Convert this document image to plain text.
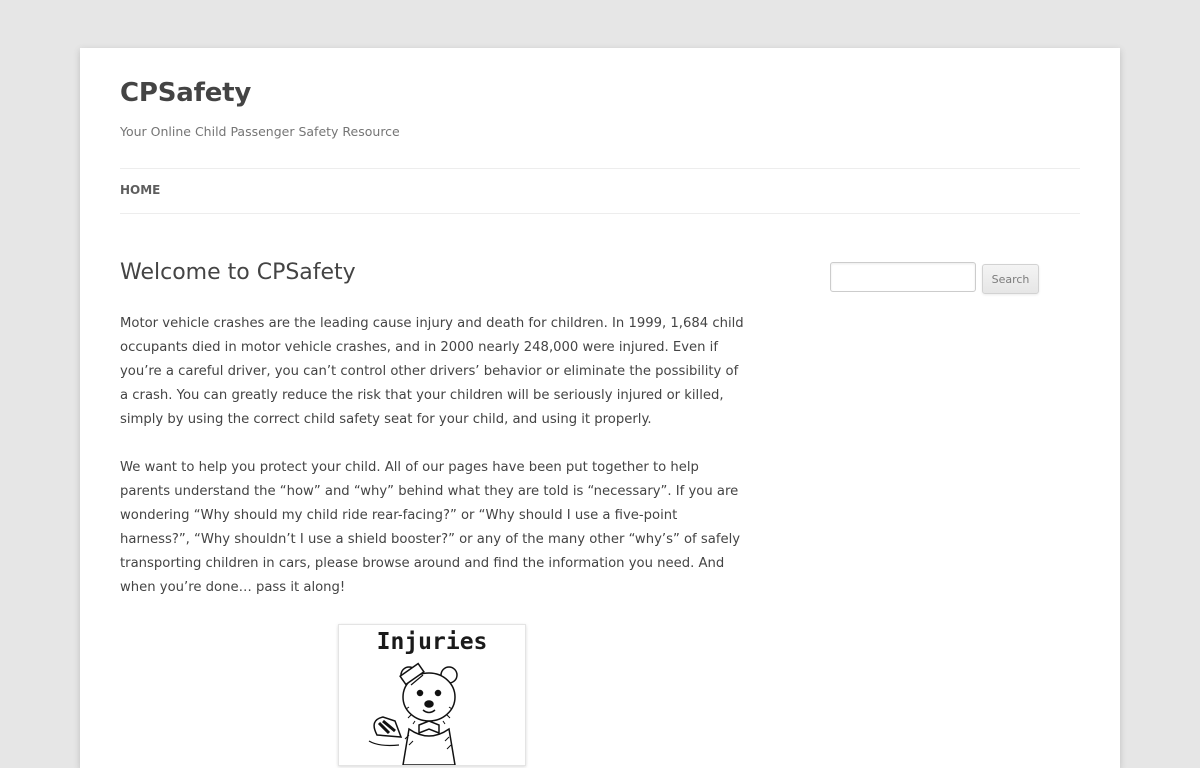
CPSafety

Your Online Child Passenger Safety Resource

HOME
Welcome to CPSafety

Motor vehicle crashes are the leading cause injury and death for children. In 1999, 1,684 child occupants died in motor vehicle crashes, and in 2000 nearly 248,000 were injured. Even if you’re a careful driver, you can’t control other drivers’ behavior or eliminate the possibility of a crash. You can greatly reduce the risk that your children will be seriously injured or killed, simply by using the correct child safety seat for your child, and using it properly.

We want to help you protect your child. All of our pages have been put together to help parents understand the “how” and “why” behind what they are told is “necessary”. If you are wondering “Why should my child ride rear-facing?” or “Why should I use a five-point harness?”, “Why shouldn’t I use a shield booster?” or any of the many other “why’s” of safely transporting children in cars, please browse around and find the information you need. And when you’re done… pass it along!

Injuries
Search
